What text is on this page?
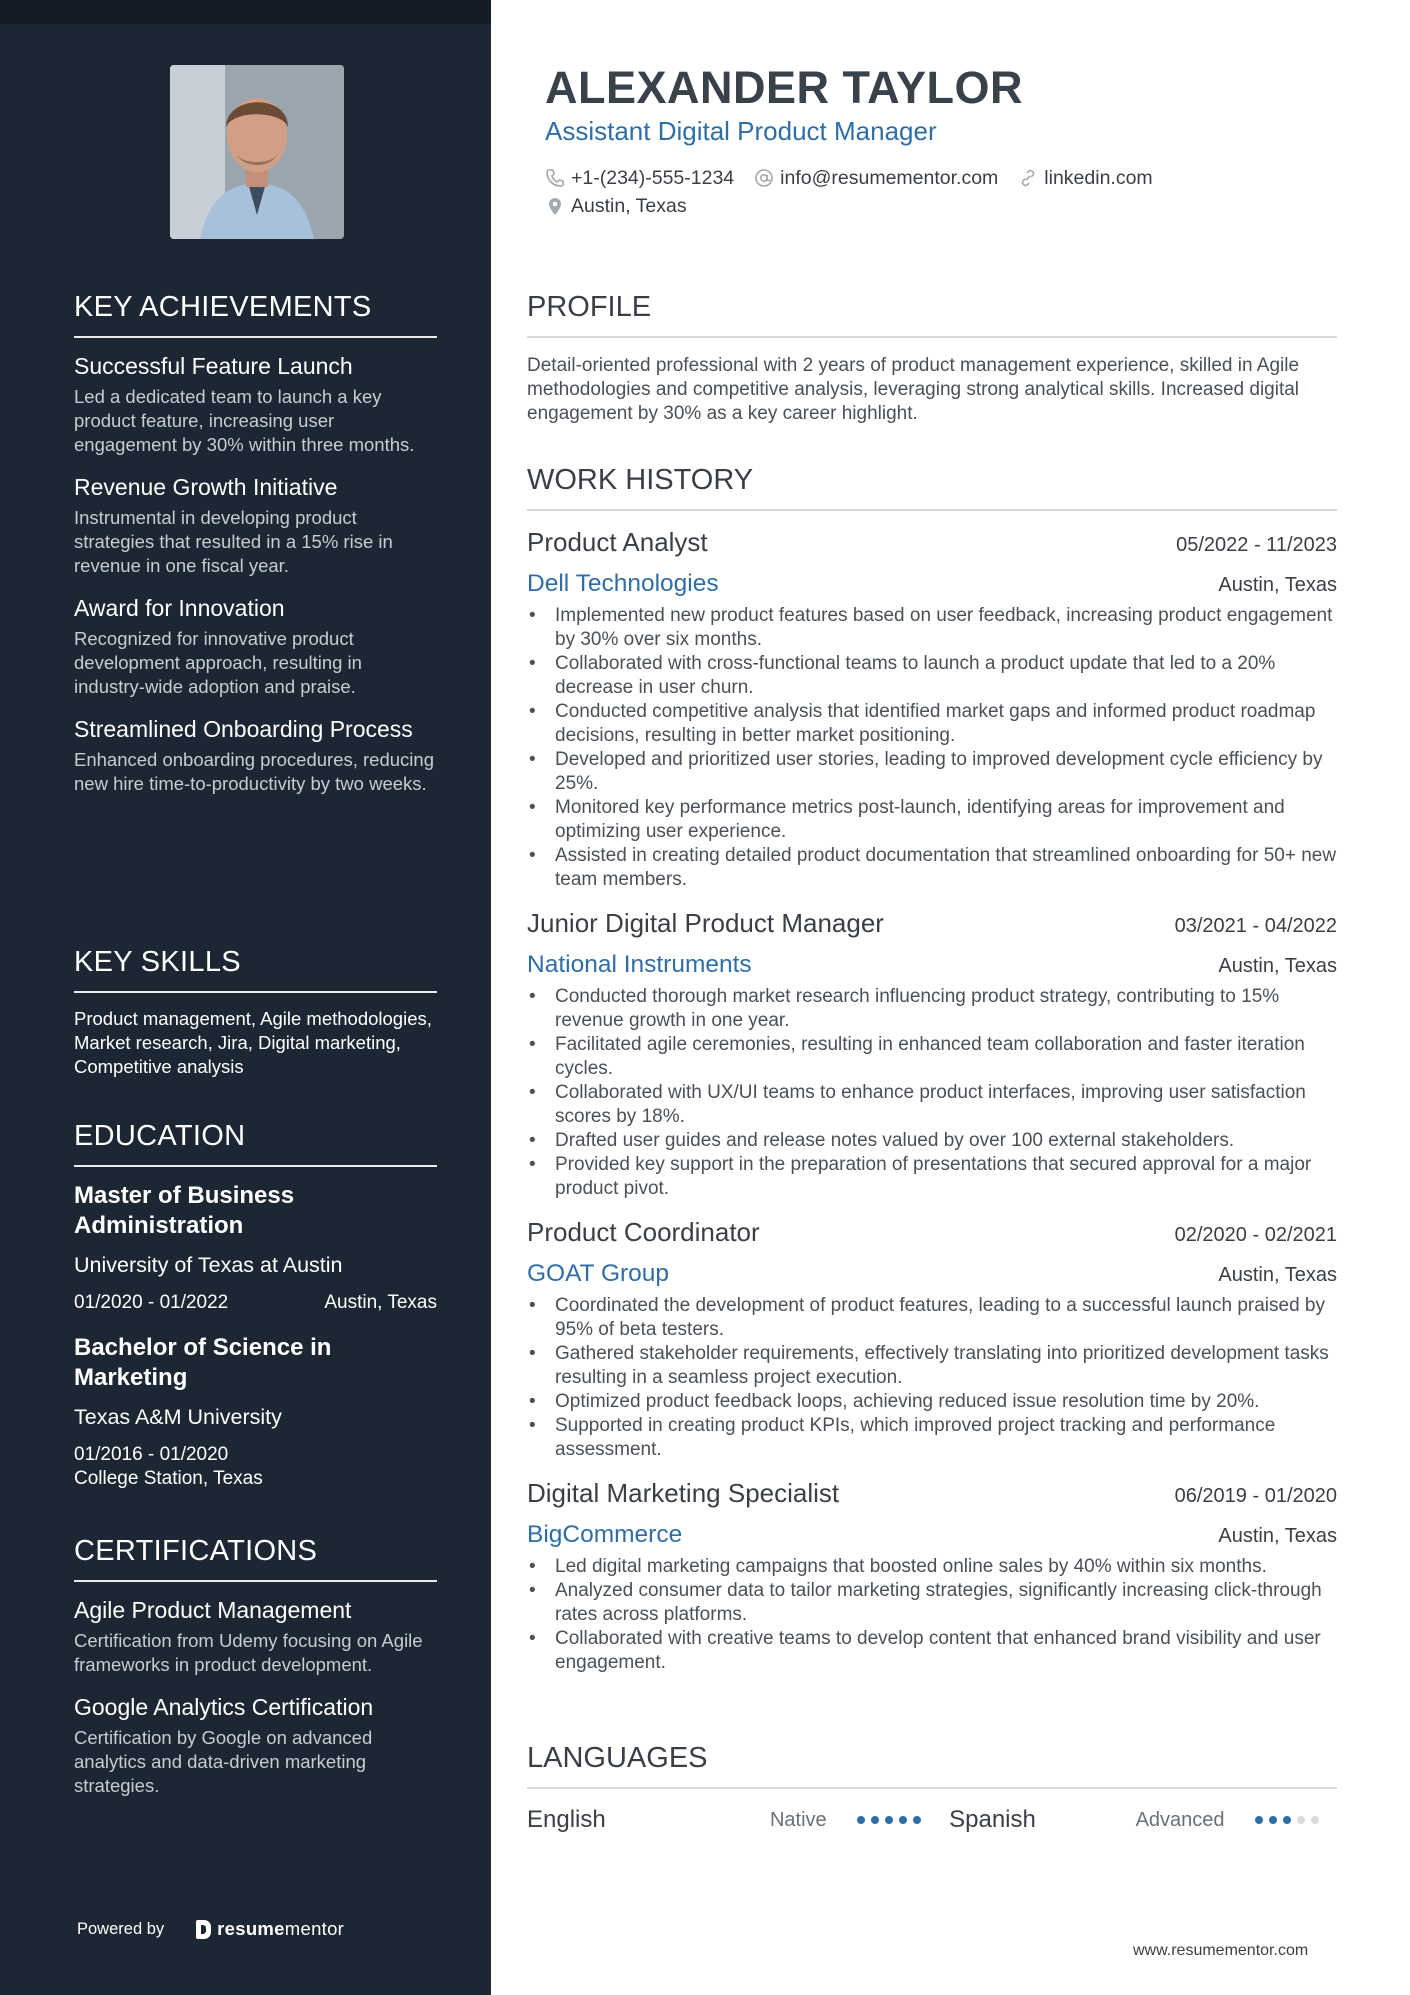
KEY ACHIEVEMENTS
Successful Feature Launch
Led a dedicated team to launch a key product feature, increasing user engagement by 30% within three months.
Revenue Growth Initiative
Instrumental in developing product strategies that resulted in a 15% rise in revenue in one fiscal year.
Award for Innovation
Recognized for innovative product development approach, resulting in industry-wide adoption and praise.
Streamlined Onboarding Process
Enhanced onboarding procedures, reducing new hire time-to-productivity by two weeks.
KEY SKILLS
Product management, Agile methodologies, Market research, Jira, Digital marketing, Competitive analysis
EDUCATION
Master of Business Administration
University of Texas at Austin
01/2020 - 01/2022	Austin, Texas
Bachelor of Science in Marketing
Texas A&M University
01/2016 - 01/2020
College Station, Texas
CERTIFICATIONS
Agile Product Management
Certification from Udemy focusing on Agile frameworks in product development.
Google Analytics Certification
Certification by Google on advanced analytics and data-driven marketing strategies.
Powered by	resume mentor
ALEXANDER TAYLOR
Assistant Digital Product Manager
+1-(234)-555-1234 info@resumementor.com linkedin.com
Austin, Texas
PROFILE
Detail-oriented professional with 2 years of product management experience, skilled in Agile methodologies and competitive analysis, leveraging strong analytical skills. Increased digital engagement by 30% as a key career highlight.
WORK HISTORY
Product Analyst	05/2022 - 11/2023
Dell Technologies	Austin, Texas
• Implemented new product features based on user feedback, increasing product engagement by 30% over six months.
• Collaborated with cross-functional teams to launch a product update that led to a 20% decrease in user churn.
• Conducted competitive analysis that identified market gaps and informed product roadmap decisions, resulting in better market positioning.
• Developed and prioritized user stories, leading to improved development cycle efficiency by 25%.
• Monitored key performance metrics post-launch, identifying areas for improvement and optimizing user experience.
• Assisted in creating detailed product documentation that streamlined onboarding for 50+ new team members.
Junior Digital Product Manager	03/2021 - 04/2022
National Instruments	Austin, Texas
• Conducted thorough market research influencing product strategy, contributing to 15% revenue growth in one year.
• Facilitated agile ceremonies, resulting in enhanced team collaboration and faster iteration cycles.
• Collaborated with UX/UI teams to enhance product interfaces, improving user satisfaction scores by 18%.
• Drafted user guides and release notes valued by over 100 external stakeholders.
• Provided key support in the preparation of presentations that secured approval for a major product pivot.
Product Coordinator	02/2020 - 02/2021
GOAT Group	Austin, Texas
• Coordinated the development of product features, leading to a successful launch praised by 95% of beta testers.
• Gathered stakeholder requirements, effectively translating into prioritized development tasks resulting in a seamless project execution.
• Optimized product feedback loops, achieving reduced issue resolution time by 20%.
• Supported in creating product KPIs, which improved project tracking and performance assessment.
Digital Marketing Specialist	06/2019 - 01/2020
BigCommerce	Austin, Texas
• Led digital marketing campaigns that boosted online sales by 40% within six months.
• Analyzed consumer data to tailor marketing strategies, significantly increasing click-through rates across platforms.
• Collaborated with creative teams to develop content that enhanced brand visibility and user engagement.
LANGUAGES
English	Native	Spanish	Advanced
www.resumementor.com
